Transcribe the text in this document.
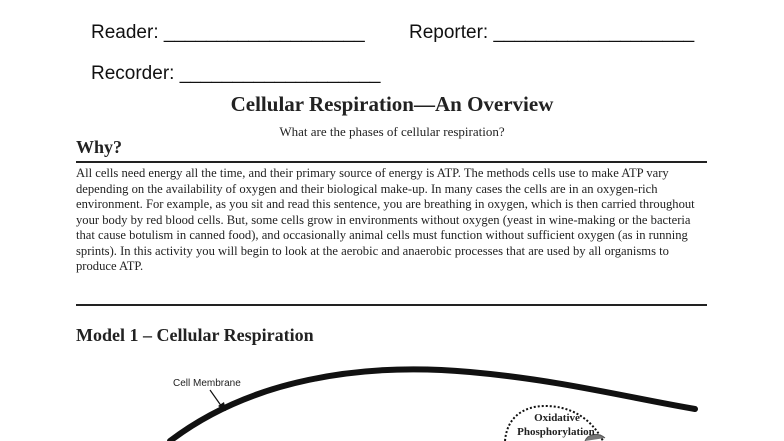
Reader: ___________________ Reporter: ___________________
Recorder: ___________________
Cellular Respiration—An Overview
What are the phases of cellular respiration?
Why?

All cells need energy all the time, and their primary source of energy is ATP. The methods cells use to make ATP vary depending on the availability of oxygen and their biological make-up. In many cases the cells are in an oxygen-rich environment. For example, as you sit and read this sentence, you are breathing in oxygen, which is then carried throughout your body by red blood cells. But, some cells grow in environments without oxygen (yeast in wine-making or the bacteria that cause botulism in canned food), and occasionally animal cells must function without sufficient oxygen (as in running sprints). In this activity you will begin to look at the aerobic and anaerobic processes that are used by all organisms to produce ATP.

Model 1 – Cellular Respiration
Cell Membrane
Oxidative
Phosphorylation
